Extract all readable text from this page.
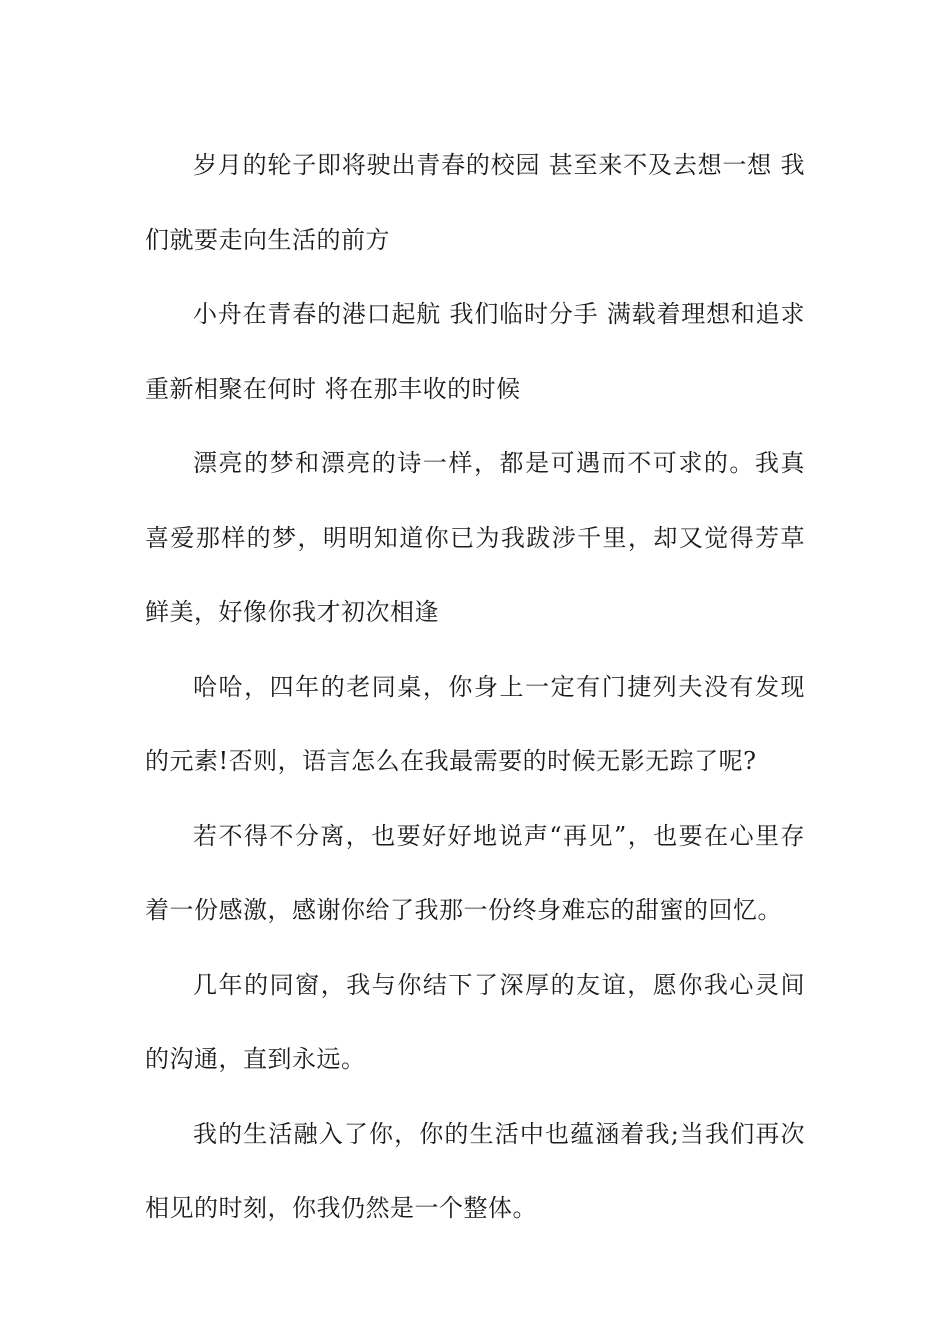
岁月的轮子即将驶出青春的校园 甚至来不及去想一想 我们就要走向生活的前方

小舟在青春的港口起航 我们临时分手 满载着理想和追求重新相聚在何时 将在那丰收的时候

漂亮的梦和漂亮的诗一样，都是可遇而不可求的。我真喜爱那样的梦，明明知道你已为我跋涉千里，却又觉得芳草鲜美，好像你我才初次相逢

哈哈，四年的老同桌，你身上一定有门捷列夫没有发现的元素!否则，语言怎么在我最需要的时候无影无踪了呢?

若不得不分离，也要好好地说声“再见”，也要在心里存着一份感激，感谢你给了我那一份终身难忘的甜蜜的回忆。

几年的同窗，我与你结下了深厚的友谊，愿你我心灵间的沟通，直到永远。

我的生活融入了你，你的生活中也蕴涵着我;当我们再次相见的时刻，你我仍然是一个整体。
